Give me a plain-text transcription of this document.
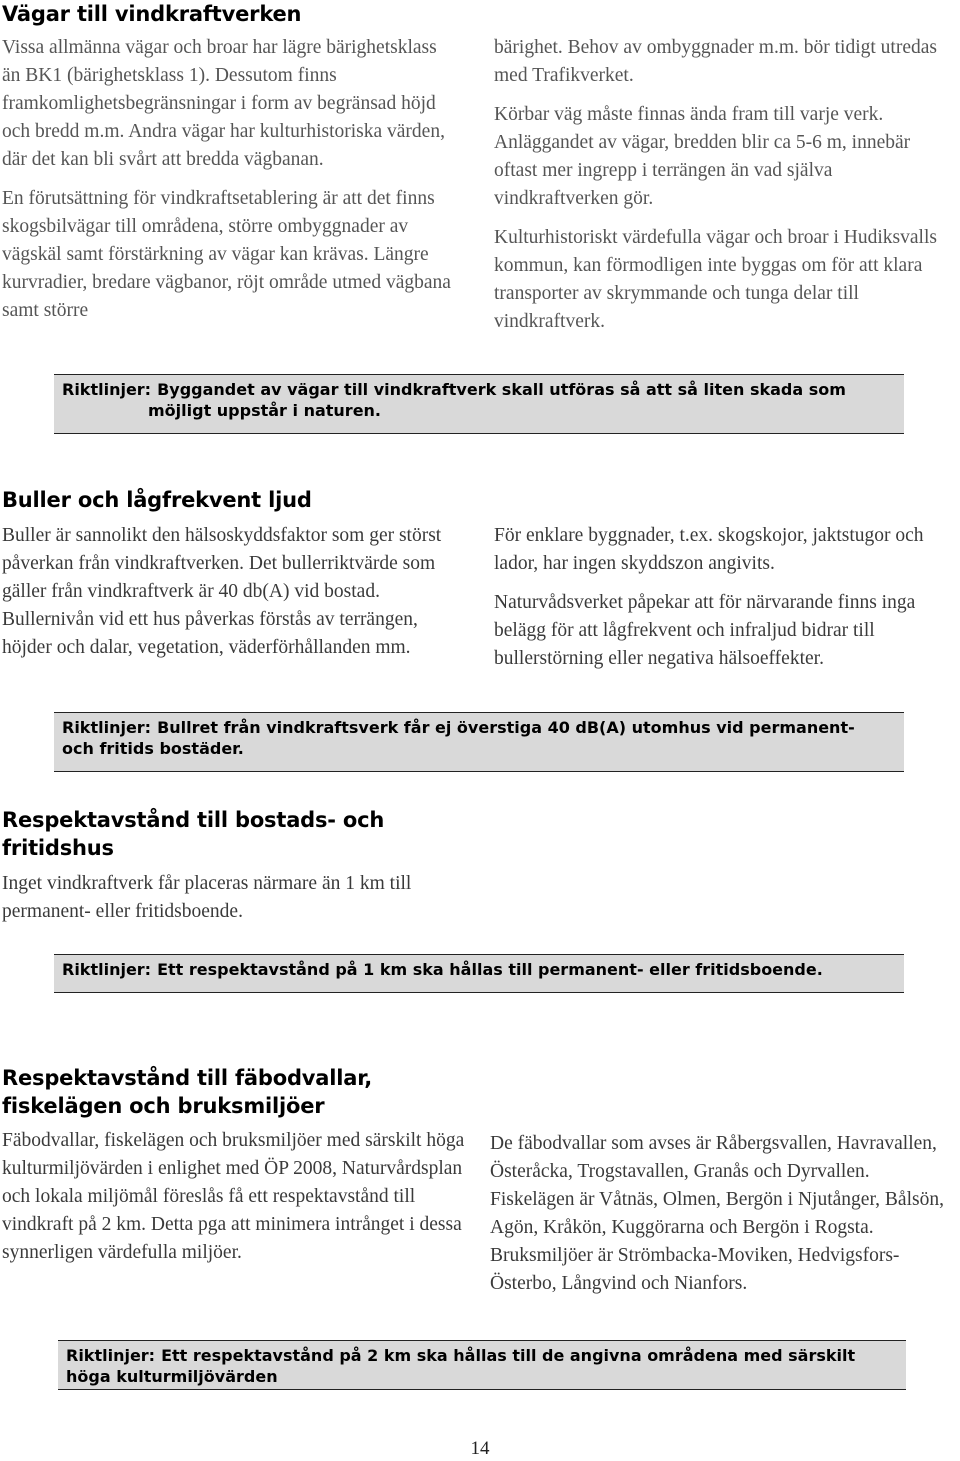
Vägar till vindkraftverken

Vissa allmänna vägar och broar har lägre bärighetsklass än BK1 (bärighetsklass 1). Dessutom finns framkomlighetsbegränsningar i form av begränsad höjd och bredd m.m. Andra vägar har kulturhistoriska värden, där det kan bli svårt att bredda vägbanan.

En förutsättning för vindkraftsetablering är att det finns skogsbilvägar till områdena, större ombyggnader av vägskäl samt förstärkning av vägar kan krävas. Längre kurvradier, bredare vägbanor, röjt område utmed vägbana samt större

bärighet. Behov av ombyggnader m.m. bör tidigt utredas med Trafikverket.

Körbar väg måste finnas ända fram till varje verk. Anläggandet av vägar, bredden blir ca 5-6 m, innebär oftast mer ingrepp i terrängen än vad själva vindkraftverken gör.

Kulturhistoriskt värdefulla vägar och broar i Hudiksvalls kommun, kan förmodligen inte byggas om för att klara transporter av skrymmande och tunga delar till vindkraftverk.

Riktlinjer: Byggandet av vägar till vindkraftverk skall utföras så att så liten skada som
möjligt uppstår i naturen.
Buller och lågfrekvent ljud

Buller är sannolikt den hälsoskyddsfaktor som ger störst påverkan från vindkraftverken. Det bullerriktvärde som gäller från vindkraftverk är 40 db(A) vid bostad. Bullernivån vid ett hus påverkas förstås av terrängen, höjder och dalar, vegetation, väderförhållanden mm.

För enklare byggnader, t.ex. skogskojor, jaktstugor och lador, har ingen skyddszon angivits.

Naturvådsverket påpekar att för närvarande finns inga belägg för att lågfrekvent och infraljud bidrar till bullerstörning eller negativa hälsoeffekter.

Riktlinjer: Bullret från vindkraftsverk får ej överstiga 40 dB(A) utomhus vid permanent-
och fritids bostäder.
Respektavstånd till bostads- och
fritidshus

Inget vindkraftverk får placeras närmare än 1 km till permanent- eller fritidsboende.

Riktlinjer: Ett respektavstånd på 1 km ska hållas till permanent- eller fritidsboende.
Respektavstånd till fäbodvallar,
fiskelägen och bruksmiljöer

Fäbodvallar, fiskelägen och bruksmiljöer med särskilt höga kulturmiljövärden i enlighet med ÖP 2008, Naturvårdsplan och lokala miljömål föreslås få ett respektavstånd till vindkraft på 2 km. Detta pga att minimera intrånget i dessa synnerligen värdefulla miljöer.

De fäbodvallar som avses är Råbergsvallen, Havravallen, Österåcka, Trogstavallen, Granås och Dyrvallen. Fiskelägen är Våtnäs, Olmen, Bergön i Njutånger, Bålsön, Agön, Kråkön, Kuggörarna och Bergön i Rogsta. Bruksmiljöer är Strömbacka-Moviken, Hedvigsfors-Österbo, Långvind och Nianfors.

Riktlinjer: Ett respektavstånd på 2 km ska hållas till de angivna områdena med särskilt
höga kulturmiljövärden
14
